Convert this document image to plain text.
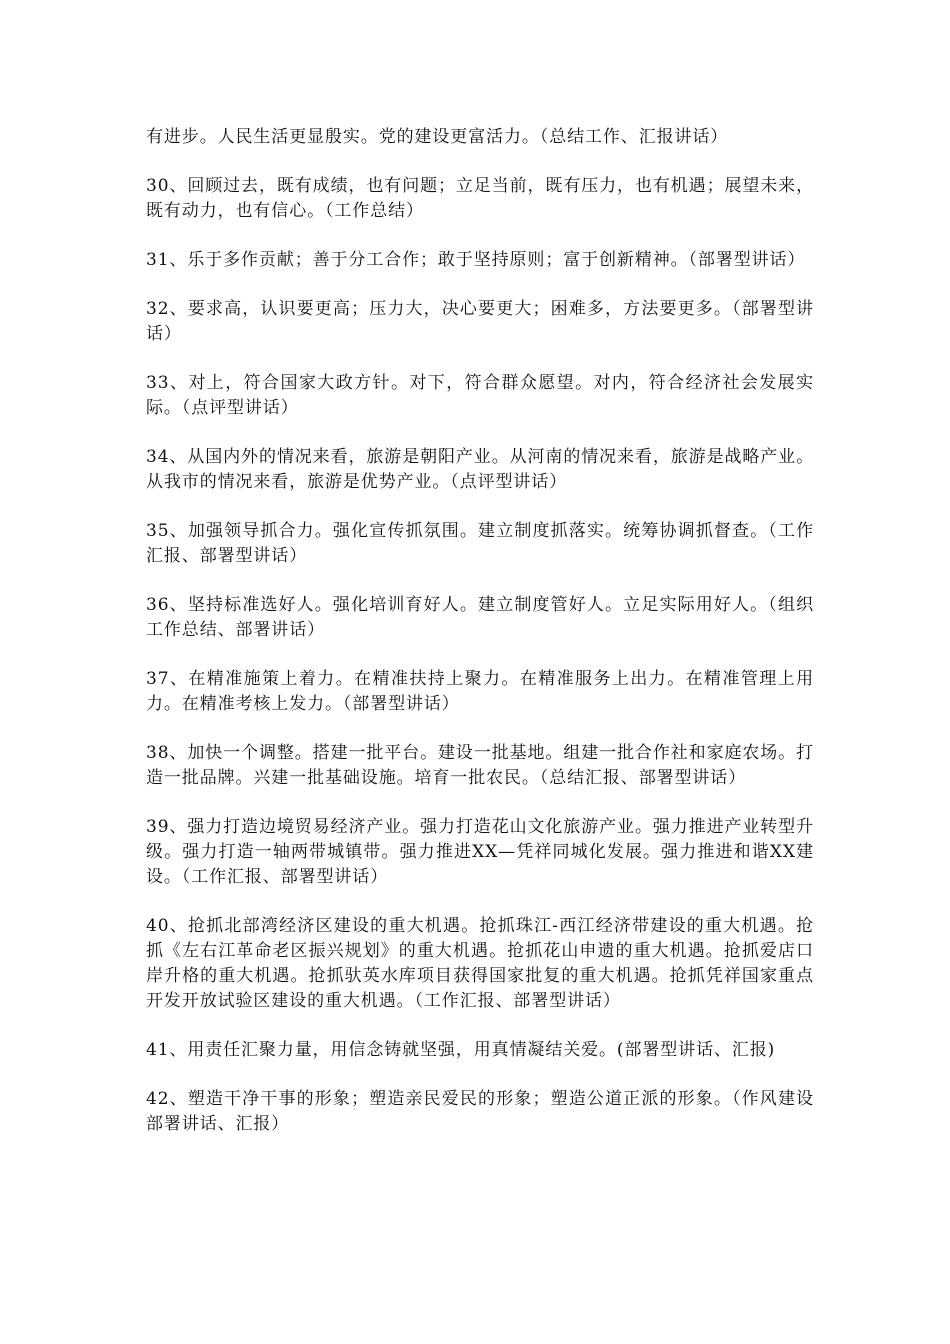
有进步。人民生活更显殷实。党的建设更富活力。（总结工作、汇报讲话）

30、回顾过去，既有成绩，也有问题；立足当前，既有压力，也有机遇；展望未来，既有动力，也有信心。（工作总结）

31、乐于多作贡献；善于分工合作；敢于坚持原则；富于创新精神。（部署型讲话）

32、要求高，认识要更高；压力大，决心要更大；困难多，方法要更多。（部署型讲话）

33、对上，符合国家大政方针。对下，符合群众愿望。对内，符合经济社会发展实际。（点评型讲话）

34、从国内外的情况来看，旅游是朝阳产业。从河南的情况来看，旅游是战略产业。从我市的情况来看，旅游是优势产业。（点评型讲话）

35、加强领导抓合力。强化宣传抓氛围。建立制度抓落实。统筹协调抓督查。（工作汇报、部署型讲话）

36、坚持标准选好人。强化培训育好人。建立制度管好人。立足实际用好人。（组织工作总结、部署讲话）

37、在精准施策上着力。在精准扶持上聚力。在精准服务上出力。在精准管理上用力。在精准考核上发力。（部署型讲话）

38、加快一个调整。搭建一批平台。建设一批基地。组建一批合作社和家庭农场。打造一批品牌。兴建一批基础设施。培育一批农民。（总结汇报、部署型讲话）

39、强力打造边境贸易经济产业。强力打造花山文化旅游产业。强力推进产业转型升级。强力打造一轴两带城镇带。强力推进XX—凭祥同城化发展。强力推进和谐XX建设。（工作汇报、部署型讲话）

40、抢抓北部湾经济区建设的重大机遇。抢抓珠江-西江经济带建设的重大机遇。抢抓《左右江革命老区振兴规划》的重大机遇。抢抓花山申遗的重大机遇。抢抓爱店口岸升格的重大机遇。抢抓驮英水库项目获得国家批复的重大机遇。抢抓凭祥国家重点开发开放试验区建设的重大机遇。（工作汇报、部署型讲话）

41、用责任汇聚力量，用信念铸就坚强，用真情凝结关爱。(部署型讲话、汇报)

42、塑造干净干事的形象；塑造亲民爱民的形象；塑造公道正派的形象。（作风建设部署讲话、汇报）
